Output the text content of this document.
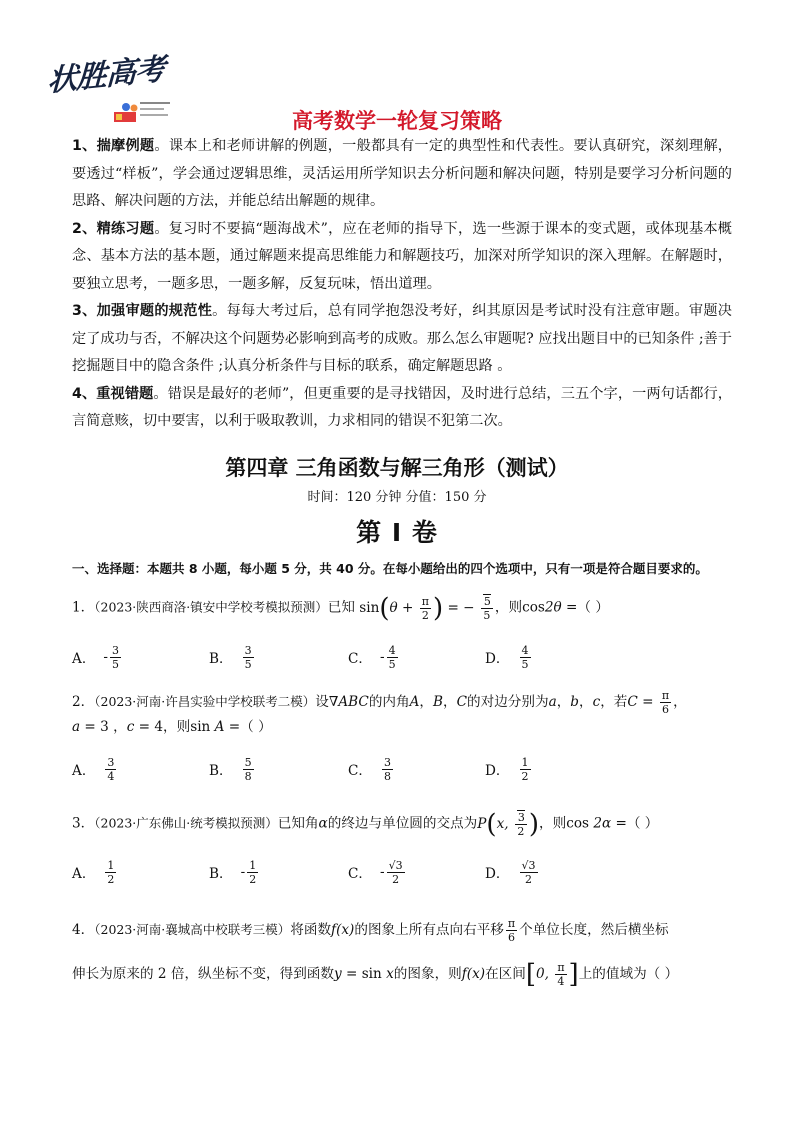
状胜高考
高考数学一轮复习策略

1、揣摩例题。课本上和老师讲解的例题，一般都具有一定的典型性和代表性。要认真研究，深刻理解，要透过“样板”，学会通过逻辑思维，灵活运用所学知识去分析问题和解决问题，特别是要学习分析问题的思路、解决问题的方法，并能总结出解题的规律。

2、精练习题。复习时不要搞“题海战术”，应在老师的指导下，选一些源于课本的变式题，或体现基本概念、基本方法的基本题，通过解题来提高思维能力和解题技巧，加深对所学知识的深入理解。在解题时，要独立思考，一题多思，一题多解，反复玩味，悟出道理。

3、加强审题的规范性。每每大考过后，总有同学抱怨没考好，纠其原因是考试时没有注意审题。审题决定了成功与否，不解决这个问题势必影响到高考的成败。那么怎么审题呢? 应找出题目中的已知条件 ;善于挖掘题目中的隐含条件 ;认真分析条件与目标的联系，确定解题思路 。

4、重视错题。错误是最好的老师”，但更重要的是寻找错因，及时进行总结，三五个字，一两句话都行，言简意赅，切中要害，以利于吸取教训，力求相同的错误不犯第二次。

第四章 三角函数与解三角形（测试）
时间：120 分钟 分值：150 分
第 I 卷
一、选择题：本题共 8 小题，每小题 5 分，共 40 分。在每小题给出的四个选项中，只有一项是符合题目要求的。
1．（2023·陕西商洛·镇安中学校考模拟预测）已知 $\sin(\theta + \frac{\pi}{2}$ ) = − $\frac{5}{5}$ ，则cos2θ =（ ）
A． - $\frac{3}{5}$	B． $\frac{3}{5}$	C． - $\frac{4}{5}$	D． $\frac{4}{5}$
2．（2023·河南·许昌实验中学校联考二模）设∇ABC的内角A，B，C的对边分别为a，b，c，若$C = \frac{\pi}{6}$ ，
a = 3 ，c = 4，则sin A =（ ）
A． $\frac{3}{4}$	B． $\frac{5}{8}$	C． $\frac{3}{8}$	D． $\frac{1}{2}$
3．（2023·广东佛山·统考模拟预测）已知角α的终边与单位圆的交点为P(x, $\frac{3}{2}$ )，则cos 2α =（ ）
A． $\frac{1}{2}$	B． - $\frac{1}{2}$	C． - $\frac{√3}{2}$	D． $\frac{√3}{2}$
4．（2023·河南·襄城高中校联考三模）将函数f(x)的图象上所有点向右平移 $\frac{\pi}{6}$ 个单位长度，然后横坐标
伸长为原来的 2 倍，纵坐标不变，得到函数y = sin x的图象，则f(x)在区间[0, $\frac{\pi}{4}$ ]上的值域为（ ）
